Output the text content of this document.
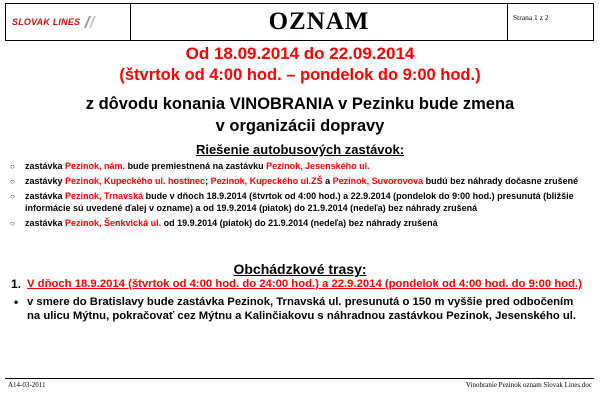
SLOVAK LINES	OZNAM	Strana 1 z 2
Od 18.09.2014 do 22.09.2014
(štvrtok od 4:00 hod. – pondelok do 9:00 hod.)
z dôvodu konania VINOBRANIA v Pezinku bude zmena
v organizácii dopravy
Riešenie autobusových zastávok:
○ zastávka Pezinok, nám. bude premiestnená na zastávku Pezinok, Jesenského ul.
○ zastávky Pezinok, Kupeckého ul. hostinec; Pezinok, Kupeckého ul.ZŠ a Pezinok, Suvorovova budú bez náhrady dočasne zrušené
○ zastávka Pezinok, Trnavská bude v dňoch 18.9.2014 (štvrtok od 4:00 hod.) a 22.9.2014 (pondelok do 9:00 hod.) presunutá (bližšie informácie sú uvedené ďalej v ozname) a od 19.9.2014 (piatok) do 21.9.2014 (nedeľa) bez náhrady zrušená
○ zastávka Pezinok, Šenkvická ul. od 19.9.2014 (piatok) do 21.9.2014 (nedeľa) bez náhrady zrušená
Obchádzkové trasy:
1. V dňoch 18.9.2014 (štvrtok od 4:00 hod. do 24:00 hod.) a 22.9.2014 (pondelok od 4:00 hod. do 9:00 hod.)
• v smere do Bratislavy bude zastávka Pezinok, Trnavská ul. presunutá o 150 m vyššie pred odbočením na ulicu Mýtnu, pokračovať cez Mýtnu a Kalinčiakovu s náhradnou zastávkou Pezinok, Jesenského ul.
A14-03-2011	Vinobranie Pezinok oznam Slovak Lines.doc
